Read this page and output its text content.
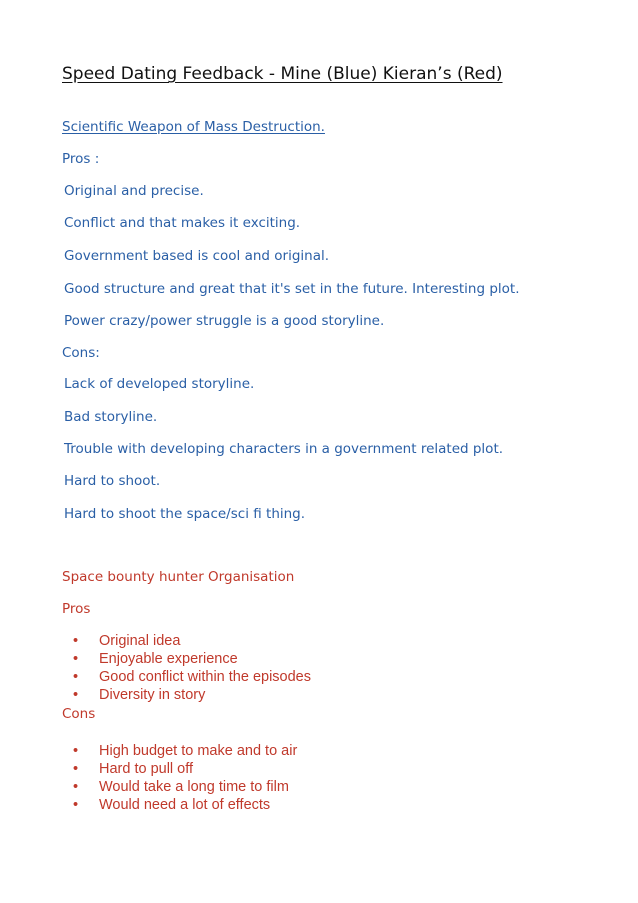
Speed Dating Feedback - Mine (Blue) Kieran’s (Red)
Scientific Weapon of Mass Destruction.
Pros :
Original and precise.
Conflict and that makes it exciting.
Government based is cool and original.
Good structure and great that it's set in the future. Interesting plot.
Power crazy/power struggle is a good storyline.
Cons:
Lack of developed storyline.
Bad storyline.
Trouble with developing characters in a government related plot.
Hard to shoot.
Hard to shoot the space/sci fi thing.
Space bounty hunter Organisation
Pros
• Original idea
• Enjoyable experience
• Good conflict within the episodes
• Diversity in story
Cons
• High budget to make and to air
• Hard to pull off
• Would take a long time to film
• Would need a lot of effects
